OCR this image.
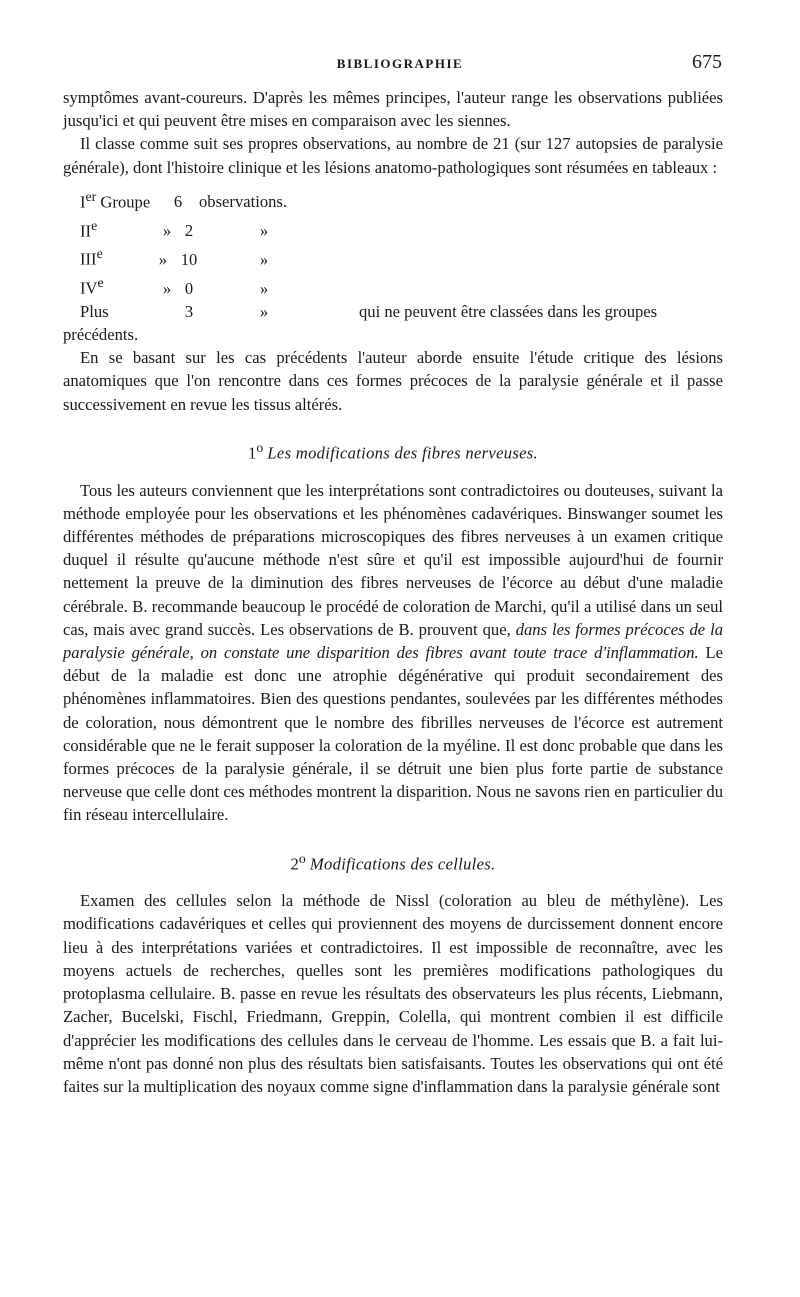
BIBLIOGRAPHIE	675

symptômes avant-coureurs. D'après les mêmes principes, l'auteur range les observations publiées jusqu'ici et qui peuvent être mises en comparaison avec les siennes.

Il classe comme suit ses propres observations, au nombre de 21 (sur 127 autopsies de paralysie générale), dont l'histoire clinique et les lésions anatomo-pathologiques sont résumées en tableaux :

Ier Groupe	6	observations.
IIe	» 2	»
IIIe	» 10	»
IVe	» 0	»
Plus	3	» qui ne peuvent être classées dans les groupes

précédents.

En se basant sur les cas précédents l'auteur aborde ensuite l'étude critique des lésions anatomiques que l'on rencontre dans ces formes précoces de la paralysie générale et il passe successivement en revue les tissus altérés.

1$^o$ Les modifications des fibres nerveuses.

Tous les auteurs conviennent que les interprétations sont contradictoires ou douteuses, suivant la méthode employée pour les observations et les phénomènes cadavériques. Binswanger soumet les différentes méthodes de préparations microscopiques des fibres nerveuses à un examen critique duquel il résulte qu'aucune méthode n'est sûre et qu'il est impossible aujourd'hui de fournir nettement la preuve de la diminution des fibres nerveuses de l'écorce au début d'une maladie cérébrale. B. recommande beaucoup le procédé de coloration de Marchi, qu'il a utilisé dans un seul cas, mais avec grand succès. Les observations de B. prouvent que, dans les formes précoces de la paralysie générale, on constate une disparition des fibres avant toute trace d'inflammation. Le début de la maladie est donc une atrophie dégénérative qui produit secondairement des phénomènes inflammatoires. Bien des questions pendantes, soulevées par les différentes méthodes de coloration, nous démontrent que le nombre des fibrilles nerveuses de l'écorce est autrement considérable que ne le ferait supposer la coloration de la myéline. Il est donc probable que dans les formes précoces de la paralysie générale, il se détruit une bien plus forte partie de substance nerveuse que celle dont ces méthodes montrent la disparition. Nous ne savons rien en particulier du fin réseau intercellulaire.

2$^o$ Modifications des cellules.

Examen des cellules selon la méthode de Nissl (coloration au bleu de méthylène). Les modifications cadavériques et celles qui proviennent des moyens de durcissement donnent encore lieu à des interprétations variées et contradictoires. Il est impossible de reconnaître, avec les moyens actuels de recherches, quelles sont les premières modifications pathologiques du protoplasma cellulaire. B. passe en revue les résultats des observateurs les plus récents, Liebmann, Zacher, Bucelski, Fischl, Friedmann, Greppin, Colella, qui montrent combien il est difficile d'apprécier les modifications des cellules dans le cerveau de l'homme. Les essais que B. a fait lui-même n'ont pas donné non plus des résultats bien satisfaisants. Toutes les observations qui ont été faites sur la multiplication des noyaux comme signe d'inflammation dans la paralysie générale sont
